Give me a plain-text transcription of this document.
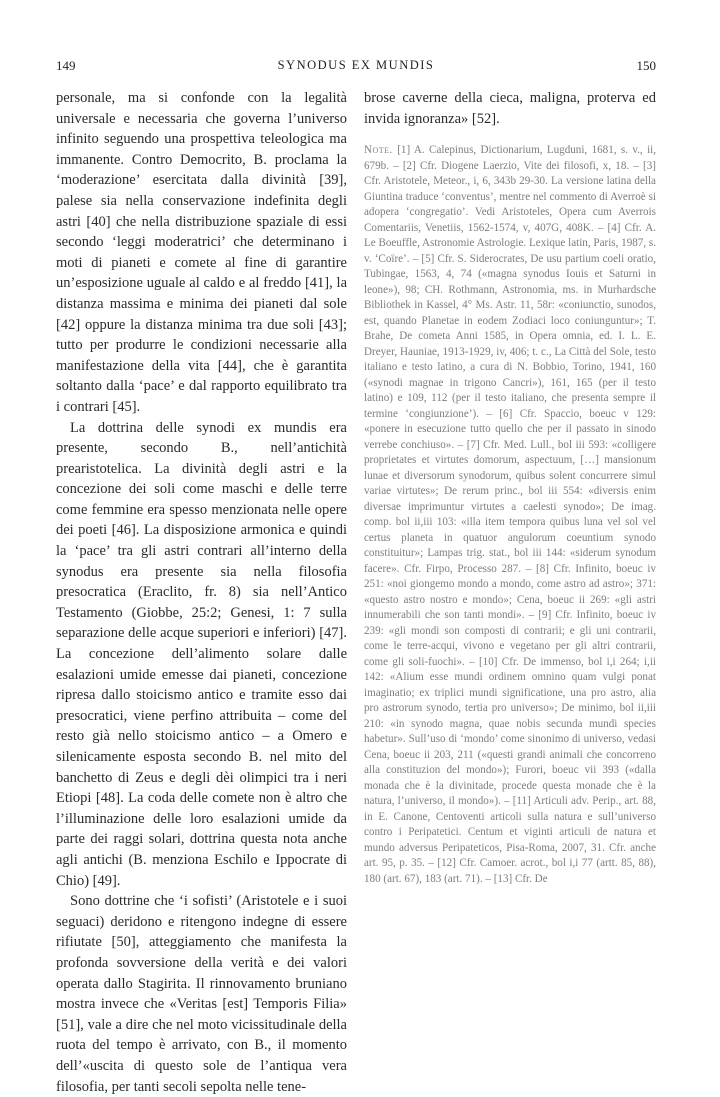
149	SYNODUS EX MUNDIS	150

personale, ma si confonde con la legalità universale e necessaria che governa l’universo infinito seguendo una prospettiva teleologica ma immanente. Contro Democrito, B. proclama la ‘moderazione’ esercitata dalla divinità [39], palese sia nella conservazione indefinita degli astri [40] che nella distribuzione spaziale di essi secondo ‘leggi moderatrici’ che determinano i moti di pianeti e comete al fine di garantire un’esposizione uguale al caldo e al freddo [41], la distanza massima e minima dei pianeti dal sole [42] oppure la distanza minima tra due soli [43]; tutto per produrre le condizioni necessarie alla manifestazione della vita [44], che è garantita soltanto dalla ‘pace’ e dal rapporto equilibrato tra i contrari [45].

La dottrina delle synodi ex mundis era presente, secondo B., nell’antichità prearistotelica. La divinità degli astri e la concezione dei soli come maschi e delle terre come femmine era spesso menzionata nelle opere dei poeti [46]. La disposizione armonica e quindi la ‘pace’ tra gli astri contrari all’interno della synodus era presente sia nella filosofia presocratica (Eraclito, fr. 8) sia nell’Antico Testamento (Giobbe, 25:2; Genesi, 1: 7 sulla separazione delle acque superiori e inferiori) [47]. La concezione dell’alimento solare dalle esalazioni umide emesse dai pianeti, concezione ripresa dallo stoicismo antico e tramite esso dai presocratici, viene perfino attribuita – come del resto già nello stoicismo antico – a Omero e silenicamente esposta secondo B. nel mito del banchetto di Zeus e degli dèi olimpici tra i neri Etiopi [48]. La coda delle comete non è altro che l’illuminazione delle loro esalazioni umide da parte dei raggi solari, dottrina questa nota anche agli antichi (B. menziona Eschilo e Ippocrate di Chio) [49].

Sono dottrine che ‘i sofisti’ (Aristotele e i suoi seguaci) deridono e ritengono indegne di essere rifiutate [50], atteggiamento che manifesta la profonda sovversione della verità e dei valori operata dallo Stagirita. Il rinnovamento bruniano mostra invece che «Veritas [est] Temporis Filia» [51], vale a dire che nel moto vicissitudinale della ruota del tempo è arrivato, con B., il momento dell’«uscita di questo sole de l’antiqua vera filosofia, per tanti secoli sepolta nelle tene-

brose caverne della cieca, maligna, proterva ed invida ignoranza» [52].

Note. [1] A. Calepinus, Dictionarium, Lugduni, 1681, s. v., ii, 679b. – [2] Cfr. Diogene Laerzio, Vite dei filosofi, x, 18. – [3] Cfr. Aristotele, Meteor., i, 6, 343b 29-30. La versione latina della Giuntina traduce ‘conventus’, mentre nel commento di Averroè si adopera ‘congregatio’. Vedi Aristoteles, Opera cum Averrois Comentariis, Venetiis, 1562-1574, v, 407G, 408K. – [4] Cfr. A. Le Boeuffle, Astronomie Astrologie. Lexique latin, Paris, 1987, s. v. ‘Coïre’. – [5] Cfr. S. Siderocrates, De usu partium coeli oratio, Tubingae, 1563, 4, 74 («magna synodus Iouis et Saturni in leone»), 98; CH. Rothmann, Astronomia, ms. in Murhardsche Bibliothek in Kassel, 4° Ms. Astr. 11, 58r: «coniunctio, sunodos, est, quando Planetae in eodem Zodiaci loco coniunguntur»; T. Brahe, De cometa Anni 1585, in Opera omnia, ed. I. L. E. Dreyer, Hauniae, 1913-1929, iv, 406; t. c., La Città del Sole, testo italiano e testo latino, a cura di N. Bobbio, Torino, 1941, 160 («synodi magnae in trigono Cancri»), 161, 165 (per il testo latino) e 109, 112 (per il testo italiano, che presenta sempre il termine ‘congiunzione’). – [6] Cfr. Spaccio, boeuc v 129: «ponere in esecuzione tutto quello che per il passato in sinodo verrebe conchiuso». – [7] Cfr. Med. Lull., bol iii 593: «colligere proprietates et virtutes domorum, aspectuum, […] mansionum lunae et diversorum synodorum, quibus solent concurrere simul variae virtutes»; De rerum princ., bol iii 554: «diversis enim diversae imprimuntur virtutes a caelesti synodo»; De imag. comp. bol ii,iii 103: «illa item tempora quibus luna vel sol vel certus planeta in quatuor angulorum coeuntium synodo constituitur»; Lampas trig. stat., bol iii 144: «siderum synodum facere». Cfr. Firpo, Processo 287. – [8] Cfr. Infinito, boeuc iv 251: «noi giongemo mondo a mondo, come astro ad astro»; 371: «questo astro nostro e mondo»; Cena, boeuc ii 269: «gli astri innumerabili che son tanti mondi». – [9] Cfr. Infinito, boeuc iv 239: «gli mondi son composti di contrarii; e gli uni contrarii, come le terre-acqui, vivono e vegetano per gli altri contrarii, come gli soli-fuochi». – [10] Cfr. De immenso, bol i,i 264; i,ii 142: «Alium esse mundi ordinem omnino quam vulgi ponat imaginatio; ex triplici mundi significatione, una pro astro, alia pro astrorum synodo, tertia pro universo»; De minimo, bol ii,iii 210: «in synodo magna, quae nobis secunda mundi species habetur». Sull’uso di ‘mondo’ come sinonimo di universo, vedasi Cena, boeuc ii 203, 211 («questi grandi animali che concorreno alla constituzion del mondo»); Furori, boeuc vii 393 («dalla monada che è la divinitade, procede questa monade che è la natura, l’universo, il mondo»). – [11] Articuli adv. Perip., art. 88, in E. Canone, Centoventi articoli sulla natura e sull’universo contro i Peripatetici. Centum et viginti articuli de natura et mundo adversus Peripateticos, Pisa-Roma, 2007, 31. Cfr. anche art. 95, p. 35. – [12] Cfr. Camoer. acrot., bol i,i 77 (artt. 85, 88), 180 (art. 67), 183 (art. 71). – [13] Cfr. De
